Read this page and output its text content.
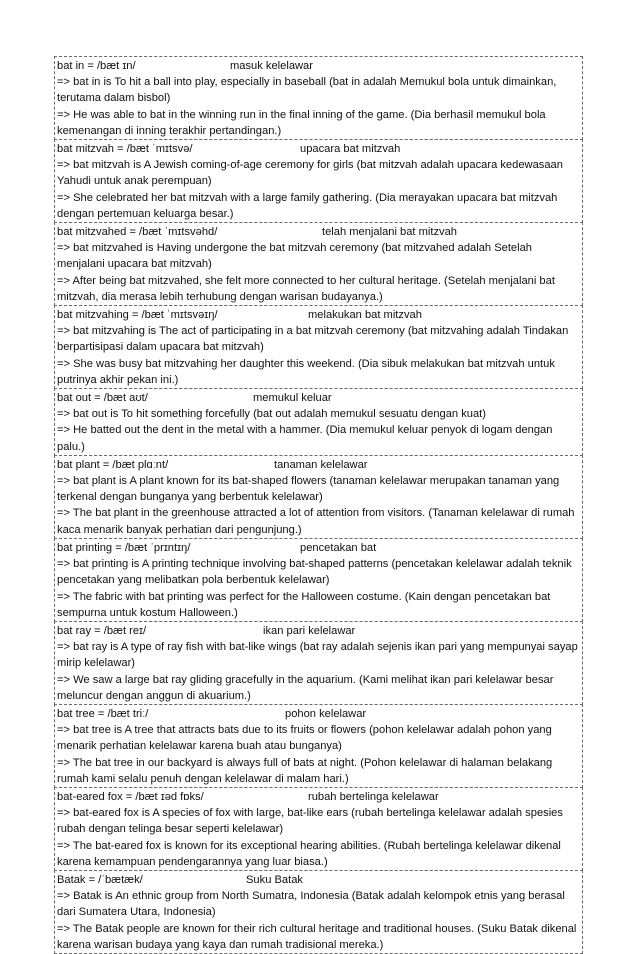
bat in = /bæt ɪn/	masuk kelelawar
=> bat in is To hit a ball into play, especially in baseball (bat in adalah Memukul bola untuk dimainkan, terutama dalam bisbol)
=> He was able to bat in the winning run in the final inning of the game. (Dia berhasil memukul bola kemenangan di inning terakhir pertandingan.)
bat mitzvah = /bæt ˈmɪtsvə/	upacara bat mitzvah
=> bat mitzvah is A Jewish coming-of-age ceremony for girls (bat mitzvah adalah upacara kedewasaan Yahudi untuk anak perempuan)
=> She celebrated her bat mitzvah with a large family gathering. (Dia merayakan upacara bat mitzvah dengan pertemuan keluarga besar.)
bat mitzvahed = /bæt ˈmɪtsvəhd/	telah menjalani bat mitzvah
=> bat mitzvahed is Having undergone the bat mitzvah ceremony (bat mitzvahed adalah Setelah menjalani upacara bat mitzvah)
=> After being bat mitzvahed, she felt more connected to her cultural heritage. (Setelah menjalani bat mitzvah, dia merasa lebih terhubung dengan warisan budayanya.)
bat mitzvahing = /bæt ˈmɪtsvəɪŋ/	melakukan bat mitzvah
=> bat mitzvahing is The act of participating in a bat mitzvah ceremony (bat mitzvahing adalah Tindakan berpartisipasi dalam upacara bat mitzvah)
=> She was busy bat mitzvahing her daughter this weekend. (Dia sibuk melakukan bat mitzvah untuk putrinya akhir pekan ini.)
bat out = /bæt aʊt/	memukul keluar
=> bat out is To hit something forcefully (bat out adalah memukul sesuatu dengan kuat)
=> He batted out the dent in the metal with a hammer. (Dia memukul keluar penyok di logam dengan palu.)
bat plant = /bæt plɑːnt/	tanaman kelelawar
=> bat plant is A plant known for its bat-shaped flowers (tanaman kelelawar merupakan tanaman yang terkenal dengan bunganya yang berbentuk kelelawar)
=> The bat plant in the greenhouse attracted a lot of attention from visitors. (Tanaman kelelawar di rumah kaca menarik banyak perhatian dari pengunjung.)
bat printing = /bæt ˈprɪntɪŋ/	pencetakan bat
=> bat printing is A printing technique involving bat-shaped patterns (pencetakan kelelawar adalah teknik pencetakan yang melibatkan pola berbentuk kelelawar)
=> The fabric with bat printing was perfect for the Halloween costume. (Kain dengan pencetakan bat sempurna untuk kostum Halloween.)
bat ray = /bæt reɪ/	ikan pari kelelawar
=> bat ray is A type of ray fish with bat-like wings (bat ray adalah sejenis ikan pari yang mempunyai sayap mirip kelelawar)
=> We saw a large bat ray gliding gracefully in the aquarium. (Kami melihat ikan pari kelelawar besar meluncur dengan anggun di akuarium.)
bat tree = /bæt triː/	pohon kelelawar
=> bat tree is A tree that attracts bats due to its fruits or flowers (pohon kelelawar adalah pohon yang menarik perhatian kelelawar karena buah atau bunganya)
=> The bat tree in our backyard is always full of bats at night. (Pohon kelelawar di halaman belakang rumah kami selalu penuh dengan kelelawar di malam hari.)
bat-eared fox = /bæt ɪəd fɒks/	rubah bertelinga kelelawar
=> bat-eared fox is A species of fox with large, bat-like ears (rubah bertelinga kelelawar adalah spesies rubah dengan telinga besar seperti kelelawar)
=> The bat-eared fox is known for its exceptional hearing abilities. (Rubah bertelinga kelelawar dikenal karena kemampuan pendengarannya yang luar biasa.)
Batak = /ˈbætæk/	Suku Batak
=> Batak is An ethnic group from North Sumatra, Indonesia (Batak adalah kelompok etnis yang berasal dari Sumatera Utara, Indonesia)
=> The Batak people are known for their rich cultural heritage and traditional houses. (Suku Batak dikenal karena warisan budaya yang kaya dan rumah tradisional mereka.)
